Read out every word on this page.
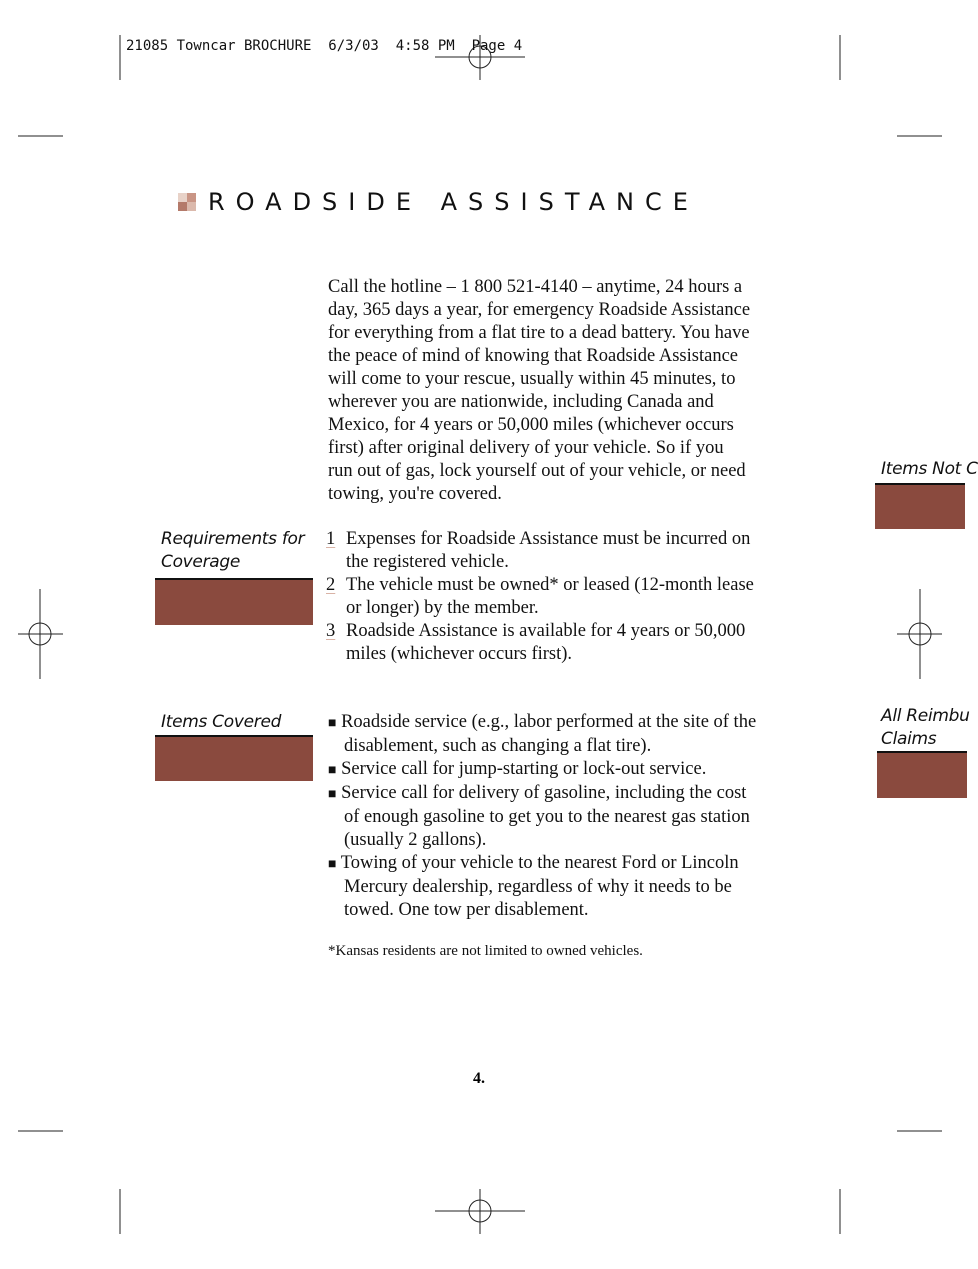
21085 Towncar BROCHURE  6/3/03  4:58 PM  Page 4
ROADSIDE ASSISTANCE
Call the hotline – 1 800 521-4140 – anytime, 24 hours a
day, 365 days a year, for emergency Roadside Assistance
for everything from a flat tire to a dead battery. You have
the peace of mind of knowing that Roadside Assistance
will come to your rescue, usually within 45 minutes, to
wherever you are nationwide, including Canada and
Mexico, for 4 years or 50,000 miles (whichever occurs
first) after original delivery of your vehicle. So if you
run out of gas, lock yourself out of your vehicle, or need
towing, you're covered.
Requirements for
Coverage
1 Expenses for Roadside Assistance must be incurred on
the registered vehicle.
2 The vehicle must be owned* or leased (12-month lease
or longer) by the member.
3 Roadside Assistance is available for 4 years or 50,000
miles (whichever occurs first).
Items Covered	■ Roadside service (e.g., labor performed at the site of the
disablement, such as changing a flat tire).
■ Service call for jump-starting or lock-out service.
■ Service call for delivery of gasoline, including the cost
of enough gasoline to get you to the nearest gas station
(usually 2 gallons).
■ Towing of your vehicle to the nearest Ford or Lincoln
Mercury dealership, regardless of why it needs to be
towed. One tow per disablement.
*Kansas residents are not limited to owned vehicles.
Items Not C
All Reimbu
Claims
4.
